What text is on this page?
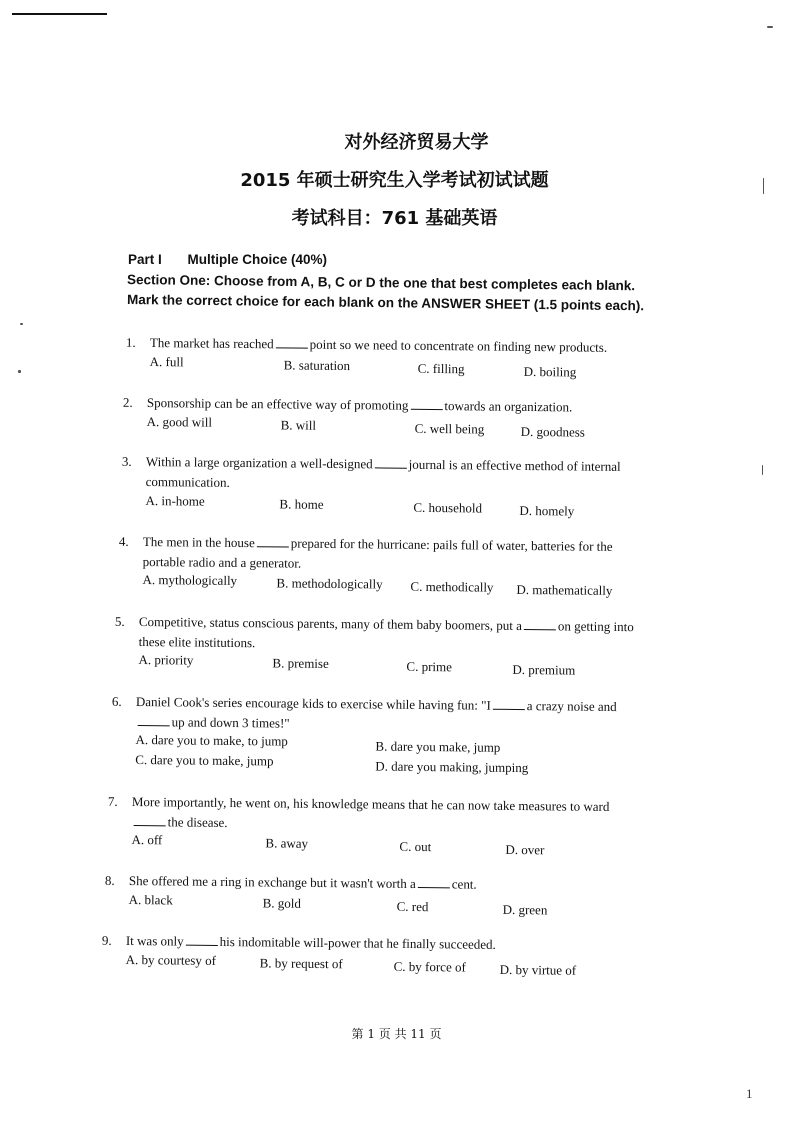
对外经济贸易大学
2015 年硕士研究生入学考试初试试题
考试科目：761 基础英语
Part I Multiple Choice (40%)
Section One: Choose from A, B, C or D the one that best completes each blank.
Mark the correct choice for each blank on the ANSWER SHEET (1.5 points each).
1. The market has reached	point so we need to concentrate on finding new products.
A. full	B. saturation	C. filling	D. boiling
2. Sponsorship can be an effective way of promoting	towards an organization.
A. good will	B. will	C. well being	D. goodness
3. Within a large organization a well-designed	journal is an effective method of internal communication.
A. in-home	B. home	C. household	D. homely
4. The men in the house	prepared for the hurricane: pails full of water, batteries for the portable radio and a generator.
A. mythologically	B. methodologically C. methodically D. mathematically
5. Competitive, status conscious parents, many of them baby boomers, put a	on getting into these elite institutions.
A. priority	B. premise	C. prime	D. premium
6. Daniel Cook's series encourage kids to exercise while having fun: "I	a crazy noise and up and down 3 times!"
A. dare you to make, to jump	B. dare you make, jump
C. dare you to make, jump	D. dare you making, jumping
7. More importantly, he went on, his knowledge means that he can now take measures to ward the disease.
A. off	B. away	C. out	D. over
8. She offered me a ring in exchange but it wasn't worth a	cent.
A. black	B. gold	C. red	D. green
9. It was only	his indomitable will-power that he finally succeeded.
A. by courtesy of	B. by request of	C. by force of	D. by virtue of
第 1 页 共 11 页
1
